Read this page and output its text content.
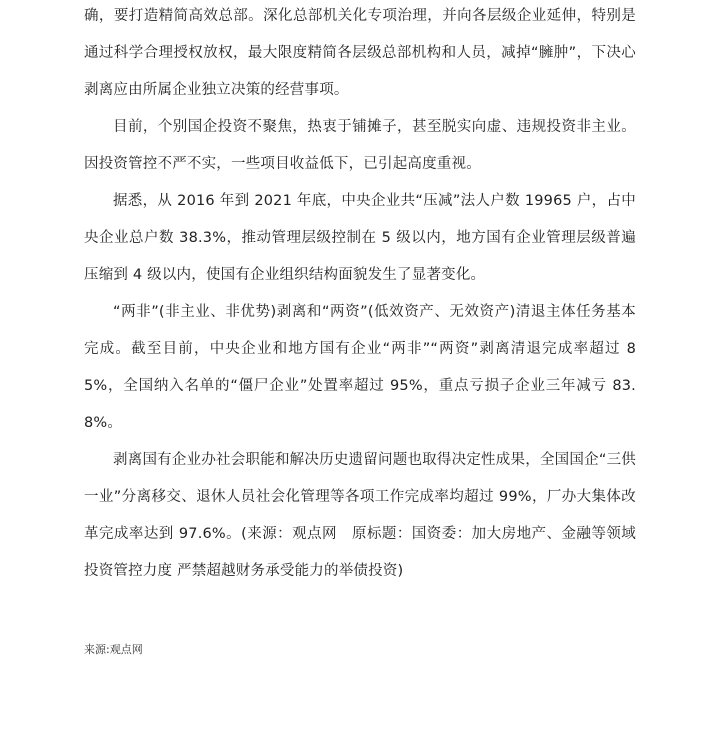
确，要打造精简高效总部。深化总部机关化专项治理，并向各层级企业延伸，特别是通过科学合理授权放权，最大限度精简各层级总部机构和人员，减掉“臃肿”，下决心剥离应由所属企业独立决策的经营事项。

目前，个别国企投资不聚焦，热衷于铺摊子，甚至脱实向虚、违规投资非主业。因投资管控不严不实，一些项目收益低下，已引起高度重视。

据悉，从 2016 年到 2021 年底，中央企业共“压减”法人户数 19965 户，占中央企业总户数 38.3%，推动管理层级控制在 5 级以内，地方国有企业管理层级普遍压缩到 4 级以内，使国有企业组织结构面貌发生了显著变化。

“两非”(非主业、非优势)剥离和“两资”(低效资产、无效资产)清退主体任务基本完成。截至目前，中央企业和地方国有企业“两非”“两资”剥离清退完成率超过 85%，全国纳入名单的“僵尸企业”处置率超过 95%，重点亏损子企业三年减亏 83.8%。

剥离国有企业办社会职能和解决历史遗留问题也取得决定性成果，全国国企“三供一业”分离移交、退休人员社会化管理等各项工作完成率均超过 99%，厂办大集体改革完成率达到 97.6%。(来源：观点网　原标题：国资委：加大房地产、金融等领域投资管控力度 严禁超越财务承受能力的举债投资)

来源:观点网
